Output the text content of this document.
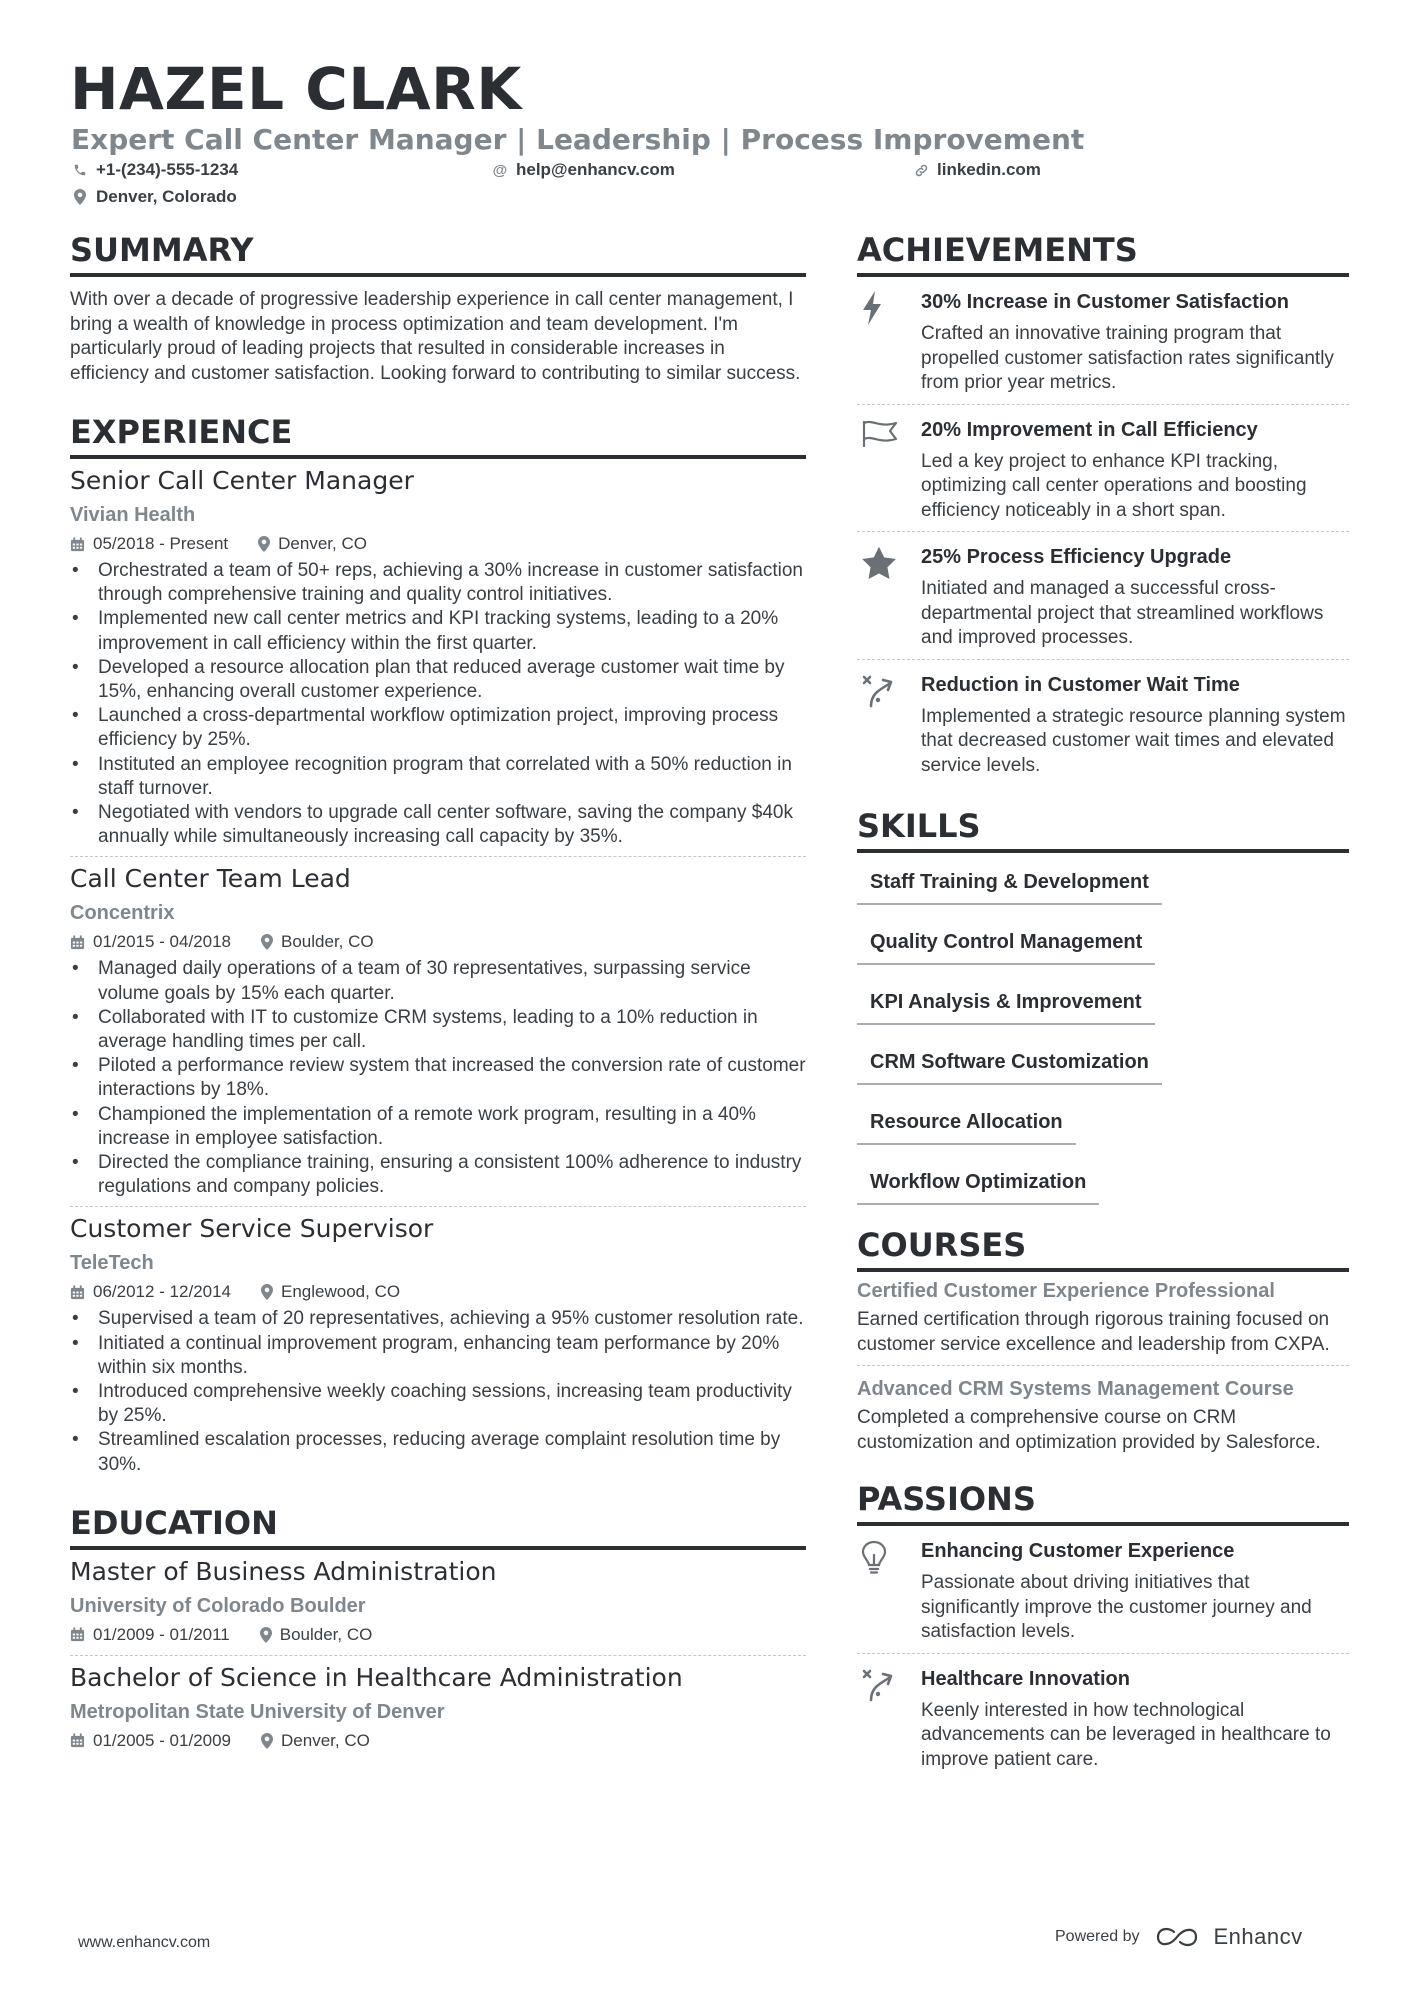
HAZEL CLARK
Expert Call Center Manager | Leadership | Process Improvement
+1-(234)-555-1234	@ help@enhancv.com	linkedin.com
Denver, Colorado
SUMMARY

With over a decade of progressive leadership experience in call center management, I bring a wealth of knowledge in process optimization and team development. I'm particularly proud of leading projects that resulted in considerable increases in efficiency and customer satisfaction. Looking forward to contributing to similar success.

EXPERIENCE
Senior Call Center Manager
Vivian Health
05/2018 - Present	Denver, CO
• Orchestrated a team of 50+ reps, achieving a 30% increase in customer satisfaction through comprehensive training and quality control initiatives.
• Implemented new call center metrics and KPI tracking systems, leading to a 20% improvement in call efficiency within the first quarter.
• Developed a resource allocation plan that reduced average customer wait time by 15%, enhancing overall customer experience.
• Launched a cross-departmental workflow optimization project, improving process efficiency by 25%.
• Instituted an employee recognition program that correlated with a 50% reduction in staff turnover.
• Negotiated with vendors to upgrade call center software, saving the company $40k annually while simultaneously increasing call capacity by 35%.
Call Center Team Lead
Concentrix
01/2015 - 04/2018	Boulder, CO
• Managed daily operations of a team of 30 representatives, surpassing service volume goals by 15% each quarter.
• Collaborated with IT to customize CRM systems, leading to a 10% reduction in average handling times per call.
• Piloted a performance review system that increased the conversion rate of customer interactions by 18%.
• Championed the implementation of a remote work program, resulting in a 40% increase in employee satisfaction.
• Directed the compliance training, ensuring a consistent 100% adherence to industry regulations and company policies.
Customer Service Supervisor
TeleTech
06/2012 - 12/2014	Englewood, CO
• Supervised a team of 20 representatives, achieving a 95% customer resolution rate.
• Initiated a continual improvement program, enhancing team performance by 20% within six months.
• Introduced comprehensive weekly coaching sessions, increasing team productivity by 25%.
• Streamlined escalation processes, reducing average complaint resolution time by 30%.
EDUCATION
Master of Business Administration
University of Colorado Boulder
01/2009 - 01/2011	Boulder, CO
Bachelor of Science in Healthcare Administration
Metropolitan State University of Denver
01/2005 - 01/2009	Denver, CO
ACHIEVEMENTS
30% Increase in Customer Satisfaction
Crafted an innovative training program that propelled customer satisfaction rates significantly from prior year metrics.
20% Improvement in Call Efficiency
Led a key project to enhance KPI tracking, optimizing call center operations and boosting efficiency noticeably in a short span.
25% Process Efficiency Upgrade
Initiated and managed a successful cross-departmental project that streamlined workflows and improved processes.
Reduction in Customer Wait Time
Implemented a strategic resource planning system that decreased customer wait times and elevated service levels.
SKILLS
Staff Training & Development
Quality Control Management
KPI Analysis & Improvement
CRM Software Customization
Resource Allocation
Workflow Optimization
COURSES
Certified Customer Experience Professional
Earned certification through rigorous training focused on customer service excellence and leadership from CXPA.
Advanced CRM Systems Management Course
Completed a comprehensive course on CRM customization and optimization provided by Salesforce.
PASSIONS
Enhancing Customer Experience
Passionate about driving initiatives that significantly improve the customer journey and satisfaction levels.
Healthcare Innovation
Keenly interested in how technological advancements can be leveraged in healthcare to improve patient care.
www.enhancv.com	Powered by	Enhancv
